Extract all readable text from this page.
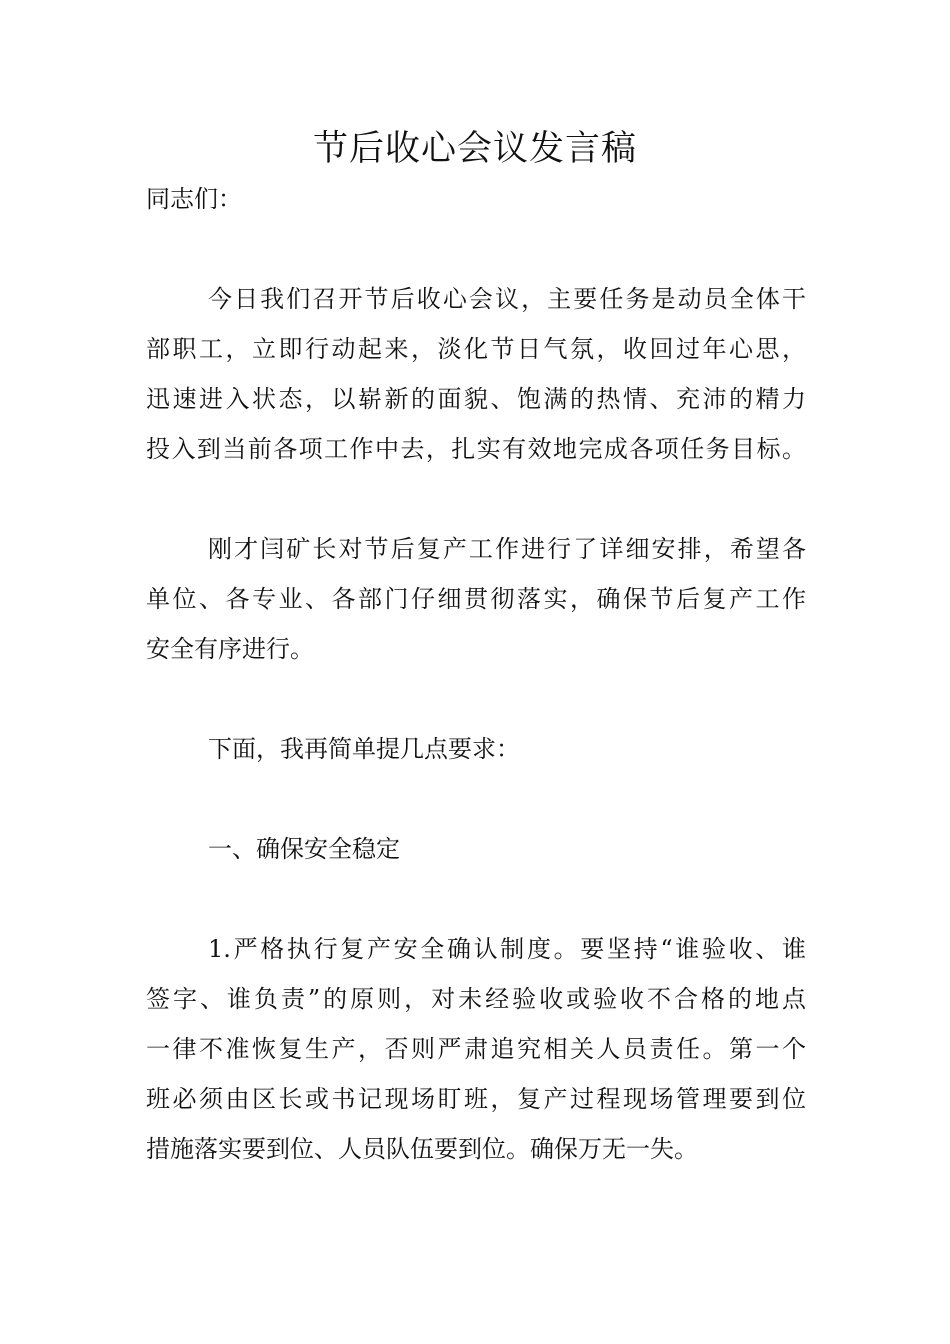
节后收心会议发言稿

同志们：

今日我们召开节后收心会议，主要任务是动员全体干

部职工，立即行动起来，淡化节日气氛，收回过年心思，

迅速进入状态，以崭新的面貌、饱满的热情、充沛的精力

投入到当前各项工作中去，扎实有效地完成各项任务目标。

刚才闫矿长对节后复产工作进行了详细安排，希望各

单位、各专业、各部门仔细贯彻落实，确保节后复产工作

安全有序进行。

下面，我再简单提几点要求：

一、确保安全稳定

1.严格执行复产安全确认制度。要坚持“谁验收、谁

签字、谁负责”的原则，对未经验收或验收不合格的地点

一律不准恢复生产，否则严肃追究相关人员责任。第一个

班必须由区长或书记现场盯班，复产过程现场管理要到位

措施落实要到位、人员队伍要到位。确保万无一失。
